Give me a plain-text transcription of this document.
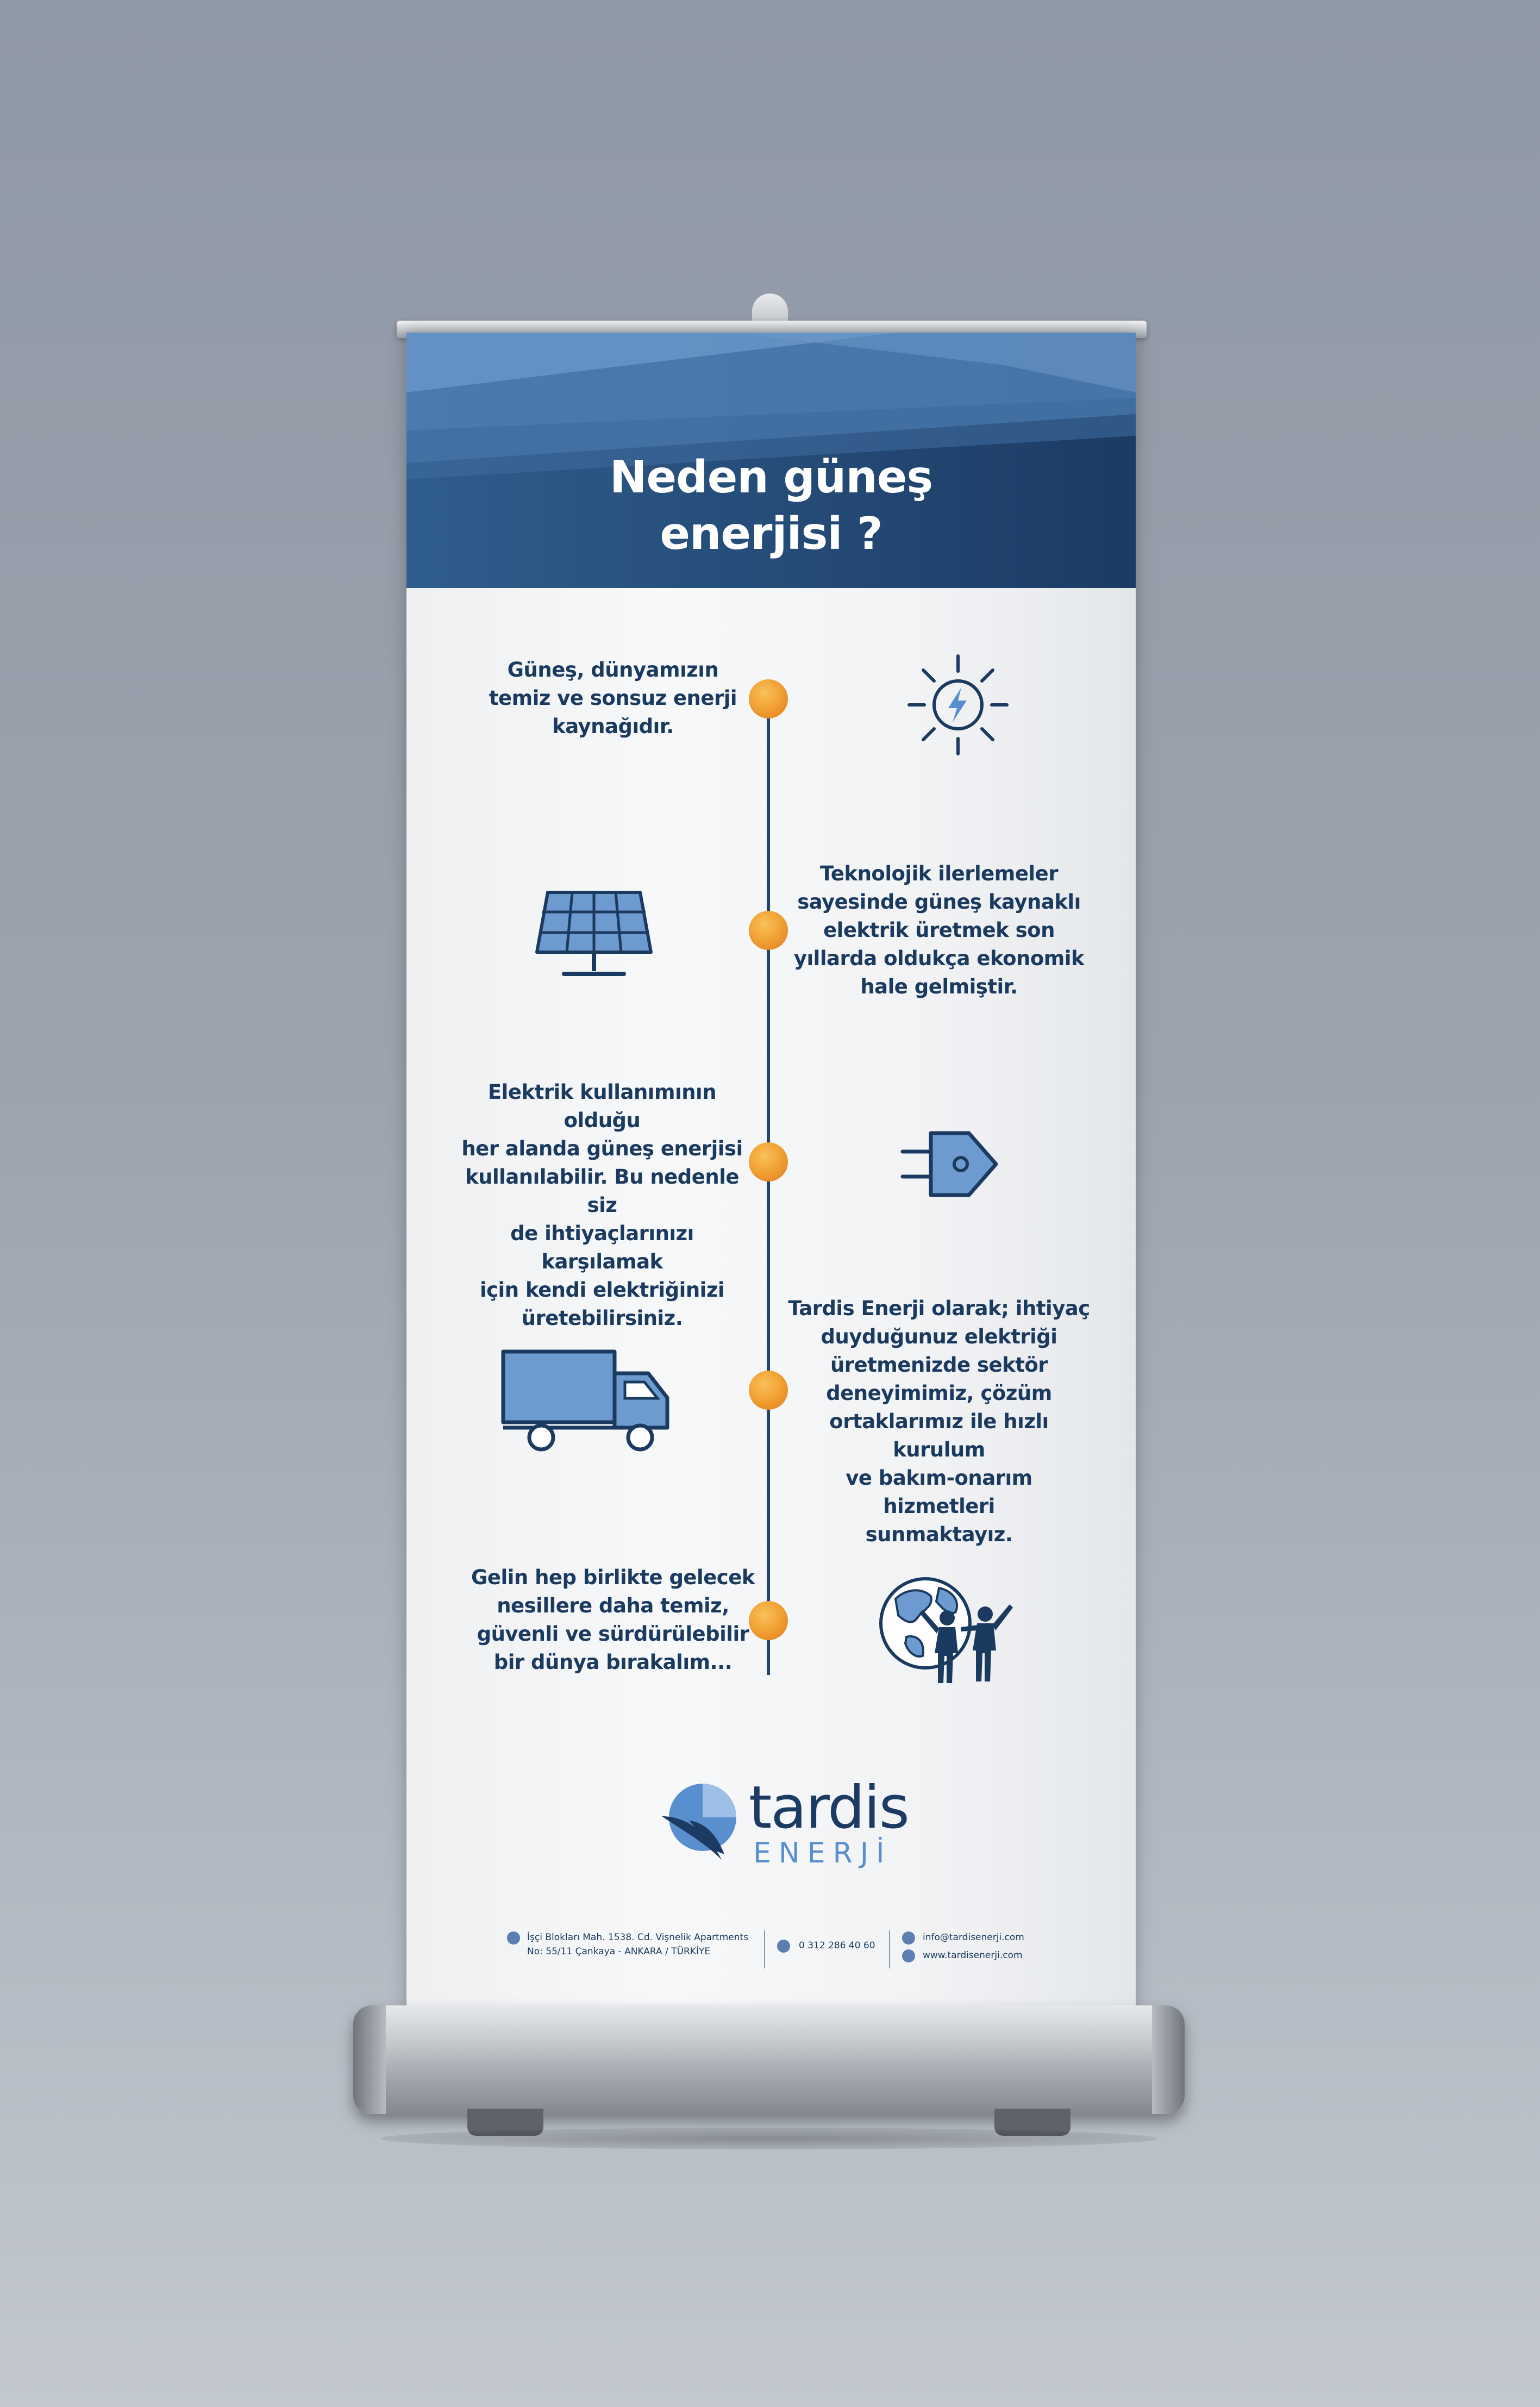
Neden güneş
enerjisi ?
Güneş, dünyamızın
temiz ve sonsuz enerji
kaynağıdır.
Teknolojik ilerlemeler
sayesinde güneş kaynaklı
elektrik üretmek son
yıllarda oldukça ekonomik
hale gelmiştir.
Elektrik kullanımının olduğu
her alanda güneş enerjisi
kullanılabilir. Bu nedenle siz
de ihtiyaçlarınızı karşılamak
için kendi elektriğinizi
üretebilirsiniz.	Tardis Enerji olarak; ihtiyaç
duyduğunuz elektriği
üretmenizde sektör
deneyimimiz, çözüm
ortaklarımız ile hızlı kurulum
ve bakım-onarım hizmetleri
sunmaktayız.
Gelin hep birlikte gelecek
nesillere daha temiz,
güvenli ve sürdürülebilir
bir dünya bırakalım...
tardis
ENERJİ
İşçi Blokları Mah. 1538. Cd. Vişnelik Apartments
No: 55/11 Çankaya - ANKARA / TÜRKİYE
0 312 286 40 60
info@tardisenerji.com
www.tardisenerji.com
